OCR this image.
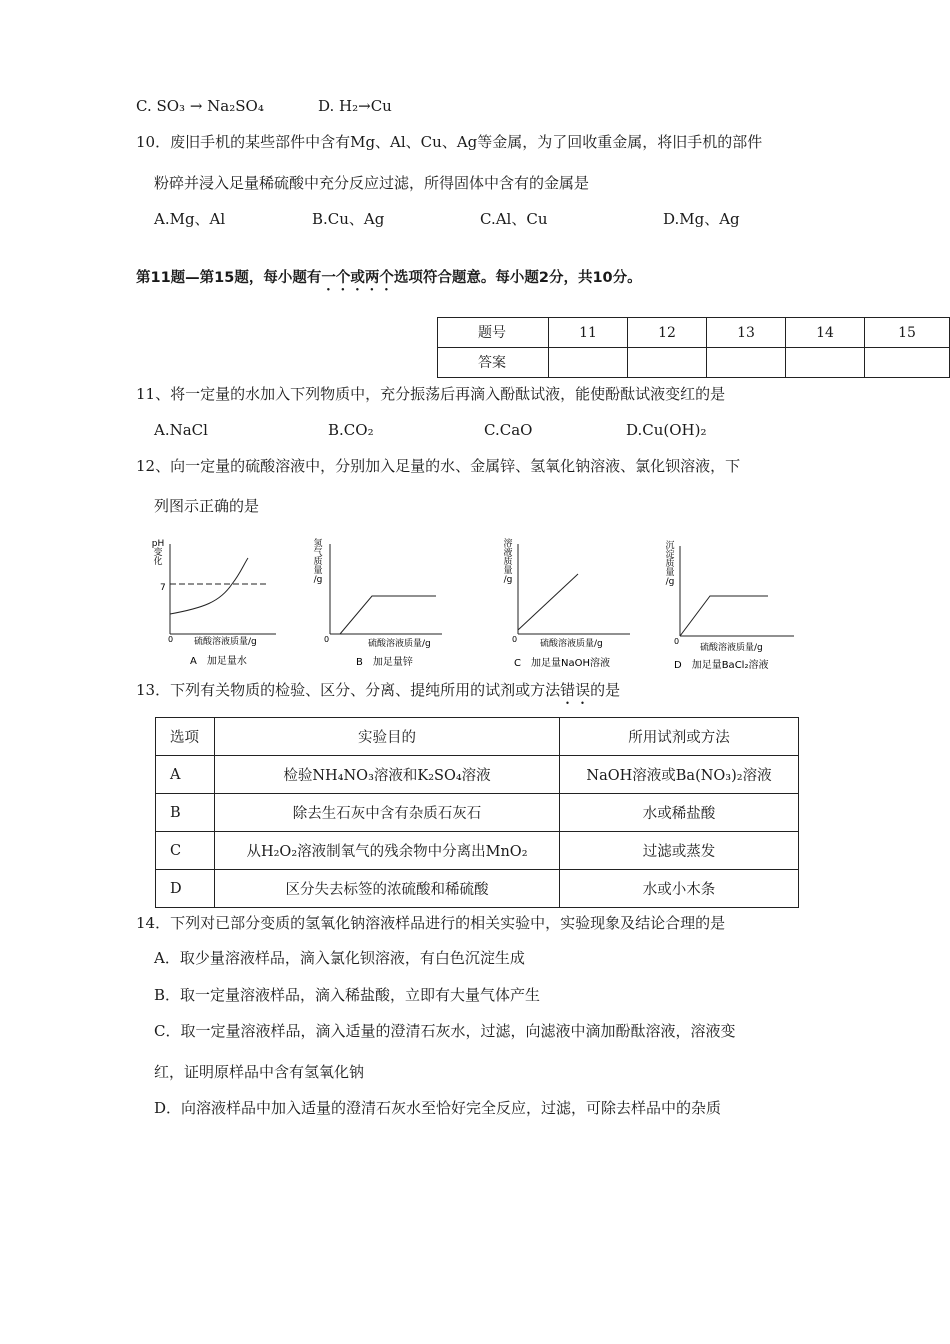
C. SO₃ → Na₂SO₄	D. H₂→Cu
10．废旧手机的某些部件中含有Mg、Al、Cu、Ag等金属，为了回收重金属，将旧手机的部件
粉碎并浸入足量稀硫酸中充分反应过滤，所得固体中含有的金属是
A.Mg、Al	B.Cu、Ag	C.Al、Cu	D.Mg、Ag
第11题—第15题，每小题有一个或两个选项符合题意。每小题2分，共10分。
题号	11	12	13	14	15
答案					
11、将一定量的水加入下列物质中，充分振荡后再滴入酚酞试液，能使酚酞试液变红的是
A.NaCl	B.CO₂	C.CaO	D.Cu(OH)₂
12、向一定量的硫酸溶液中，分别加入足量的水、金属锌、氢氧化钠溶液、氯化钡溶液，下
列图示正确的是
pH 变化
7
0 硫酸溶液质量/g
A　加足量水
氢气质量/g
0	硫酸溶液质量/g
B　加足量锌
溶液质量/g
0	硫酸溶液质量/g
C　加足量NaOH溶液
沉淀质量/g
0
硫酸溶液质量/g
D　加足量BaCl₂溶液
13．下列有关物质的检验、区分、分离、提纯所用的试剂或方法错误的是
选项	实验目的	所用试剂或方法
A	检验NH₄NO₃溶液和K₂SO₄溶液	NaOH溶液或Ba(NO₃)₂溶液
B	除去生石灰中含有杂质石灰石	水或稀盐酸
C	从H₂O₂溶液制氧气的残余物中分离出MnO₂	过滤或蒸发
D	区分失去标签的浓硫酸和稀硫酸	水或小木条
14．下列对已部分变质的氢氧化钠溶液样品进行的相关实验中，实验现象及结论合理的是
A．取少量溶液样品，滴入氯化钡溶液，有白色沉淀生成
B．取一定量溶液样品，滴入稀盐酸，立即有大量气体产生
C．取一定量溶液样品，滴入适量的澄清石灰水，过滤，向滤液中滴加酚酞溶液，溶液变
红，证明原样品中含有氢氧化钠
D．向溶液样品中加入适量的澄清石灰水至恰好完全反应，过滤，可除去样品中的杂质
